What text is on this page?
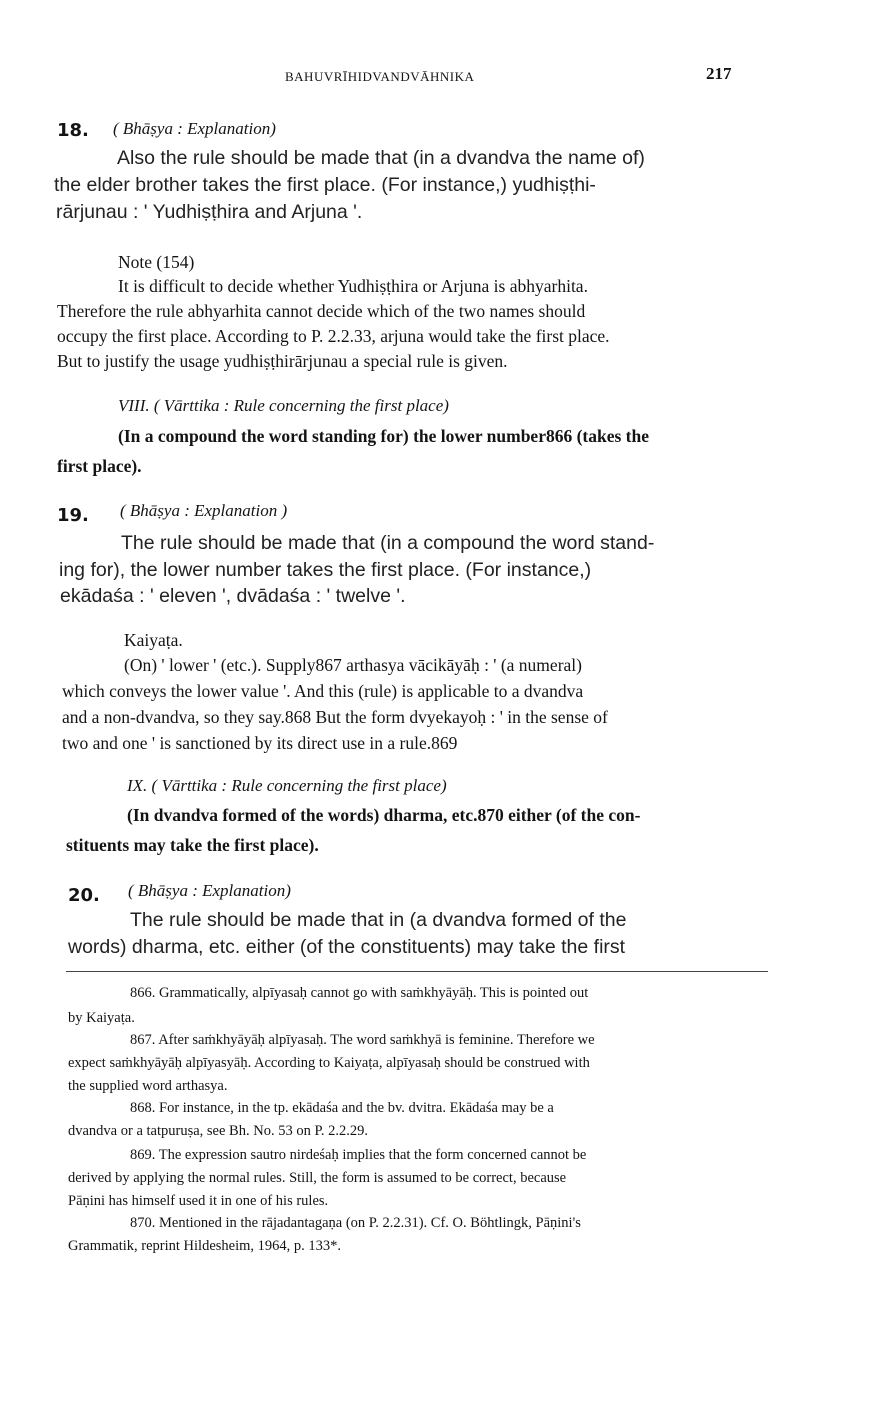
BAHUVRĪHIDVANDVĀHNIKA	217
18. ( Bhāṣya : Explanation)
Also the rule should be made that (in a dvandva the name of)
the elder brother takes the first place. (For instance,) yudhiṣṭhi-
rārjunau : ' Yudhiṣṭhira and Arjuna '.
Note (154)
It is difficult to decide whether Yudhiṣṭhira or Arjuna is abhyarhita.
Therefore the rule abhyarhita cannot decide which of the two names should
occupy the first place. According to P. 2.2.33, arjuna would take the first place.
But to justify the usage yudhiṣṭhirārjunau a special rule is given.
VIII. ( Vārttika : Rule concerning the first place)
(In a compound the word standing for) the lower number866 (takes the
first place).
19. ( Bhāṣya : Explanation )
The rule should be made that (in a compound the word stand-
ing for), the lower number takes the first place. (For instance,)
ekādaśa : ' eleven ', dvādaśa : ' twelve '.
Kaiyaṭa.
(On) ' lower ' (etc.). Supply867 arthasya vācikāyāḥ : ' (a numeral)
which conveys the lower value '. And this (rule) is applicable to a dvandva
and a non-dvandva, so they say.868 But the form dvyekayoḥ : ' in the sense of
two and one ' is sanctioned by its direct use in a rule.869
IX. ( Vārttika : Rule concerning the first place)
(In dvandva formed of the words) dharma, etc.870 either (of the con-
stituents may take the first place).
20. ( Bhāṣya : Explanation)
The rule should be made that in (a dvandva formed of the
words) dharma, etc. either (of the constituents) may take the first
866. Grammatically, alpīyasaḥ cannot go with saṁkhyāyāḥ. This is pointed out
by Kaiyaṭa.
867. After saṁkhyāyāḥ alpīyasaḥ. The word saṁkhyā is feminine. Therefore we
expect saṁkhyāyāḥ alpīyasyāḥ. According to Kaiyaṭa, alpīyasaḥ should be construed with
the supplied word arthasya.
868. For instance, in the tp. ekādaśa and the bv. dvitra. Ekādaśa may be a
dvandva or a tatpuruṣa, see Bh. No. 53 on P. 2.2.29.
869. The expression sautro nirdeśaḥ implies that the form concerned cannot be
derived by applying the normal rules. Still, the form is assumed to be correct, because
Pāṇini has himself used it in one of his rules.
870. Mentioned in the rājadantagaṇa (on P. 2.2.31). Cf. O. Böhtlingk, Pāṇini's
Grammatik, reprint Hildesheim, 1964, p. 133*.
